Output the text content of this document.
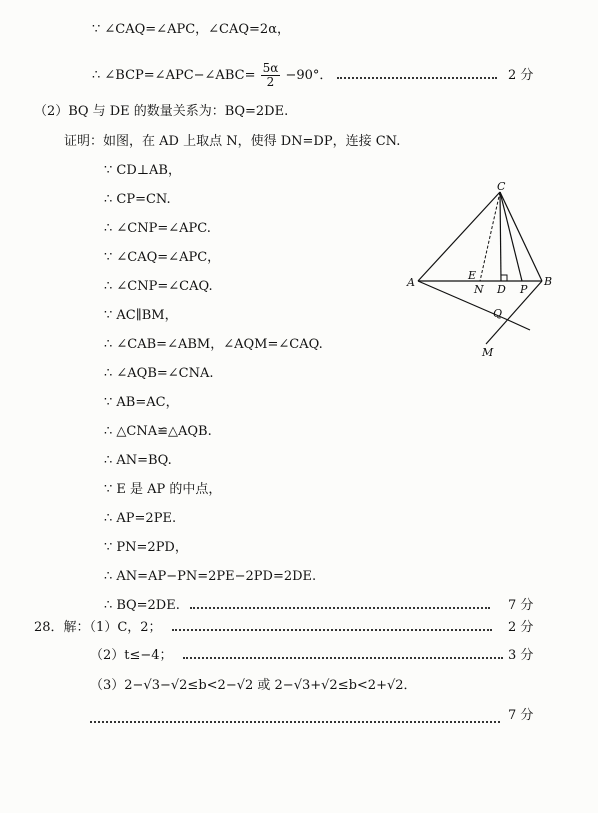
∵ ∠CAQ=∠APC，∠CAQ=2α，
∴ ∠BCP=∠APC−∠ABC= $\frac{5\alpha}{2} -90^\circ$．	2 分
（2）BQ 与 DE 的数量关系为：BQ=2DE.
证明：如图，在 AD 上取点 N，使得 DN=DP，连接 CN.
∵ CD⊥AB，
∴ CP=CN.
∴ ∠CNP=∠APC.
∵ ∠CAQ=∠APC，
∴ ∠CNP=∠CAQ.
∵ AC∥BM，
∴ ∠CAB=∠ABM，∠AQM=∠CAQ.
∴ ∠AQB=∠CNA.
∵ AB=AC，
∴ △CNA≌△AQB.
∴ AN=BQ.
∵ E 是 AP 的中点，
∴ AP=2PE.
∵ PN=2PD，
∴ AN=AP−PN=2PE−2PD=2DE.
∴ BQ=2DE.	7 分
C
A	B
E
N D P
Q
M
28．解：（1）C，2；	2 分
（2）t≤−4；	3 分
（3）2−√3−√2≤b<2−√2 或 2−√3+√2≤b<2+√2．
7 分
